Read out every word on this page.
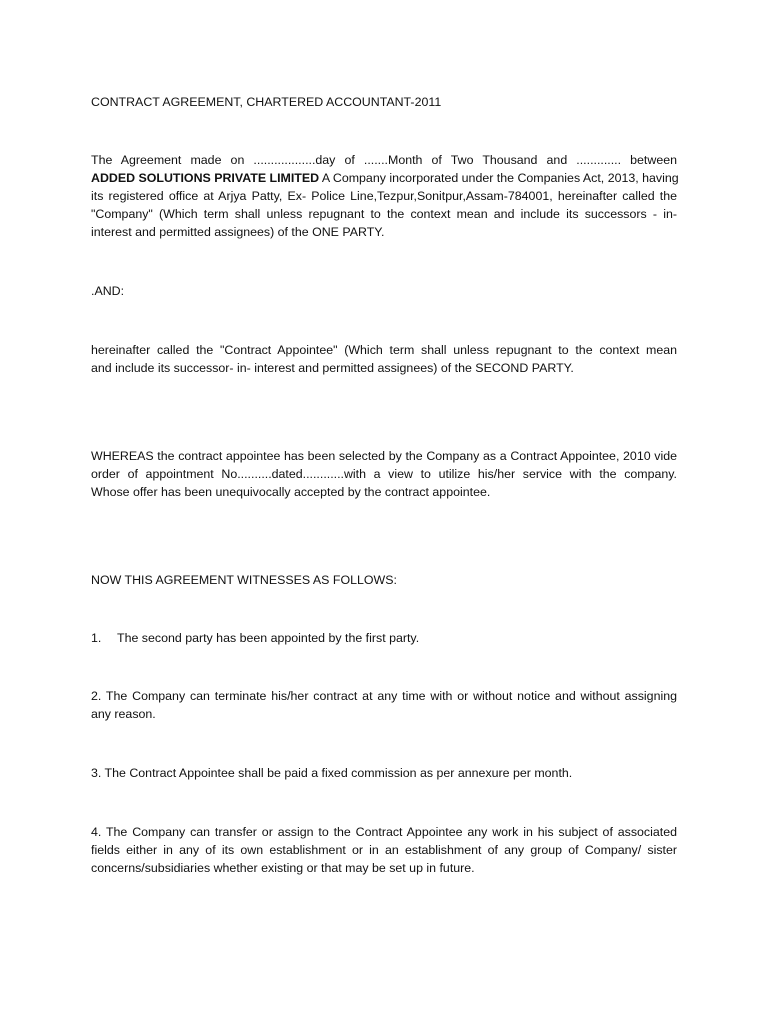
CONTRACT AGREEMENT, CHARTERED ACCOUNTANT-2011
The Agreement made on ..................day of .......Month of Two Thousand and ............. between
ADDED SOLUTIONS PRIVATE LIMITED A Company incorporated under the Companies Act, 2013, having
its registered office at Arjya Patty, Ex- Police Line,Tezpur,Sonitpur,Assam-784001, hereinafter called the
"Company" (Which term shall unless repugnant to the context mean and include its successors - in-
interest and permitted assignees) of the ONE PARTY.
.AND:
hereinafter called the "Contract Appointee" (Which term shall unless repugnant to the context mean
and include its successor- in- interest and permitted assignees) of the SECOND PARTY.
WHEREAS the contract appointee has been selected by the Company as a Contract Appointee, 2010 vide
order of appointment No..........dated............with a view to utilize his/her service with the company.
Whose offer has been unequivocally accepted by the contract appointee.
NOW THIS AGREEMENT WITNESSES AS FOLLOWS:
1. The second party has been appointed by the first party.
2. The Company can terminate his/her contract at any time with or without notice and without assigning
any reason.
3. The Contract Appointee shall be paid a fixed commission as per annexure per month.
4. The Company can transfer or assign to the Contract Appointee any work in his subject of associated
fields either in any of its own establishment or in an establishment of any group of Company/ sister
concerns/subsidiaries whether existing or that may be set up in future.
